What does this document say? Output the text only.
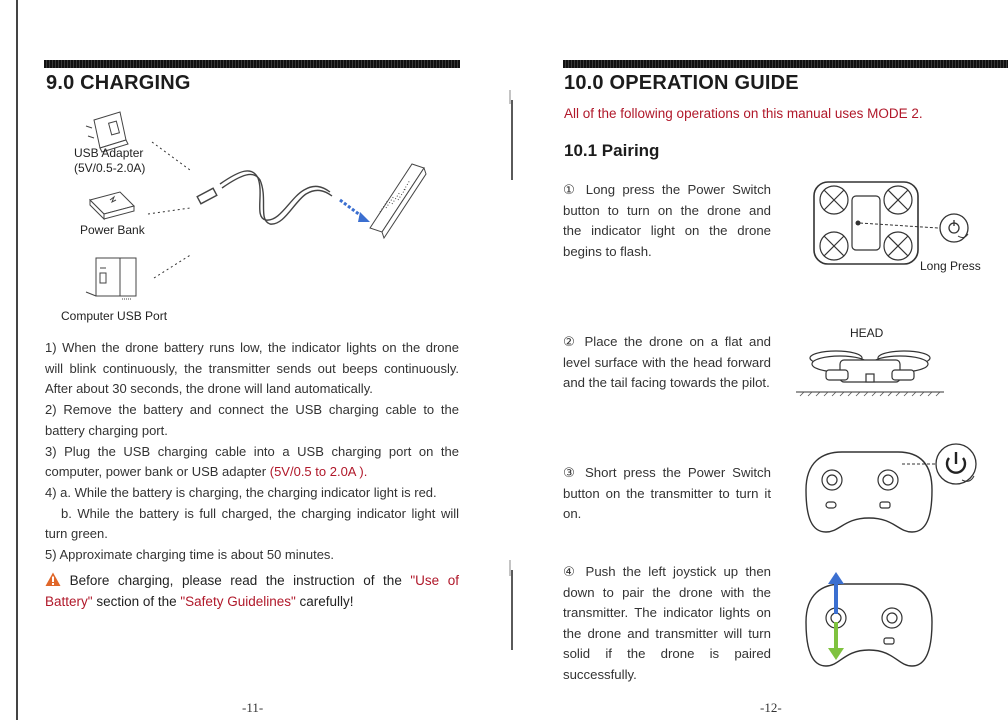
9.0 CHARGING
USB Adapter
(5V/0.5-2.0A)
Power Bank
Computer USB Port
1) When the drone battery runs low, the indicator lights on the drone
will blink continuously, the transmitter sends out beeps continuously.
After about 30 seconds, the drone will land automatically.
2) Remove the battery and connect the USB charging cable to the
battery charging port.
3) Plug the USB charging cable into a USB charging port on the
computer, power bank or USB adapter (5V/0.5 to 2.0A ).
4) a. While the battery is charging, the charging indicator light is red.
b. While the battery is full charged, the charging indicator light will
turn green.
5) Approximate charging time is about 50 minutes.
Before charging, please read the instruction of the "Use of
Battery" section of the "Safety Guidelines" carefully!
-11-
10.0 OPERATION GUIDE
All of the following operations on this manual uses MODE 2.
10.1 Pairing
① Long press the Power Switch
button to turn on the drone and
the indicator light on the drone
begins to flash.
② Place the drone on a flat and
level surface with the head forward
and the tail facing towards the pilot.
③ Short press the Power Switch
button on the transmitter to turn it
on.
④ Push the left joystick up then
down to pair the drone with the
transmitter. The indicator lights on
the drone and transmitter will turn
solid if the drone is paired
successfully.
Long Press
HEAD
-12-
